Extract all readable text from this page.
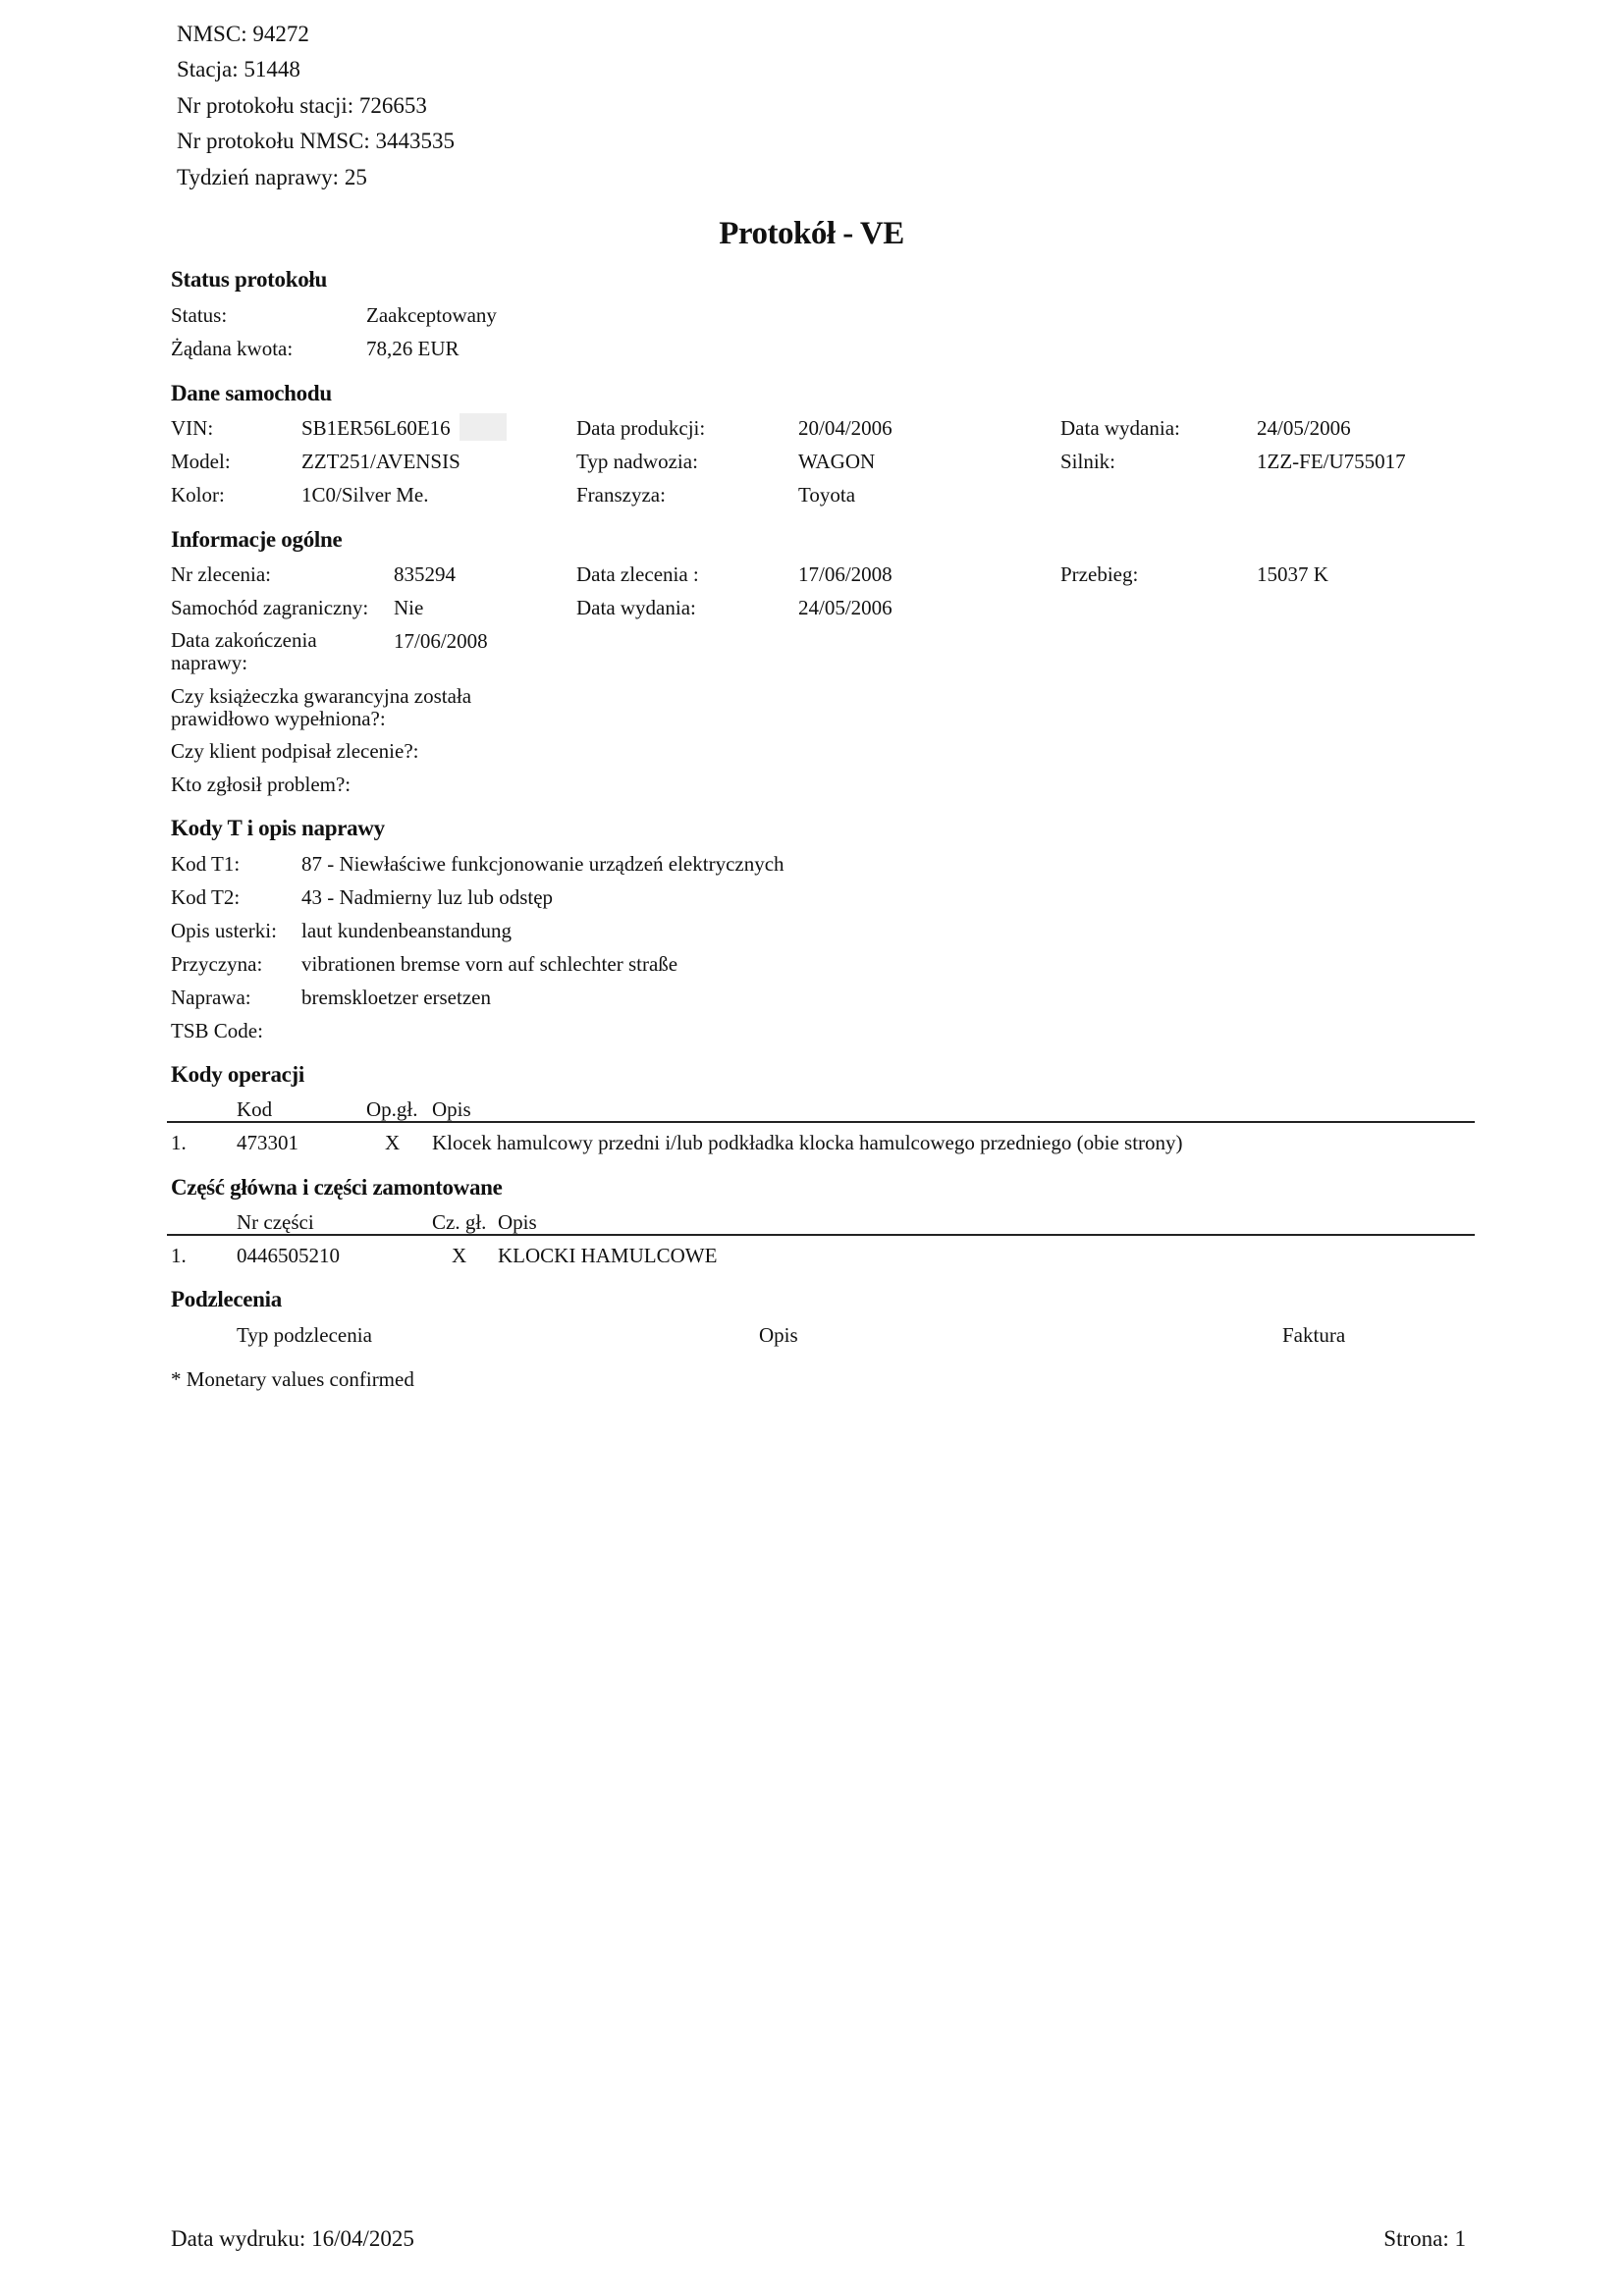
NMSC: 94272
Stacja: 51448
Nr protokołu stacji: 726653
Nr protokołu NMSC: 3443535
Tydzień naprawy: 25
Protokół - VE
Status protokołu
Status:	Zaakceptowany
Żądana kwota:	78,26 EUR
Dane samochodu
VIN:	SB1ER56L60E16	Data produkcji:	20/04/2006	Data wydania:	24/05/2006
Model:	ZZT251/AVENSIS	Typ nadwozia:	WAGON	Silnik:	1ZZ-FE/U755017
Kolor:	1C0/Silver Me.	Franszyza:	Toyota
Informacje ogólne
Nr zlecenia:	835294	Data zlecenia :	17/06/2008	Przebieg:	15037 K
Samochód zagraniczny: Nie	Data wydania:	24/05/2006
Data zakończenia naprawy:
17/06/2008
Czy książeczka gwarancyjna została prawidłowo wypełniona?:
Czy klient podpisał zlecenie?:
Kto zgłosił problem?:
Kody T i opis naprawy
Kod T1:	87 - Niewłaściwe funkcjonowanie urządzeń elektrycznych
Kod T2:	43 - Nadmierny luz lub odstęp
Opis usterki: laut kundenbeanstandung
Przyczyna: vibrationen bremse vorn auf schlechter straße
Naprawa: bremskloetzer ersetzen
TSB Code:
Kody operacji
Kod	Op.gł. Opis
1. 473301	X Klocek hamulcowy przedni i/lub podkładka klocka hamulcowego przedniego (obie strony)
Część główna i części zamontowane
Nr części	Cz. gł. Opis
1. 0446505210	X KLOCKI HAMULCOWE
Podzlecenia
Typ podzlecenia	Opis	Faktura
* Monetary values confirmed
Data wydruku: 16/04/2025	Strona: 1
